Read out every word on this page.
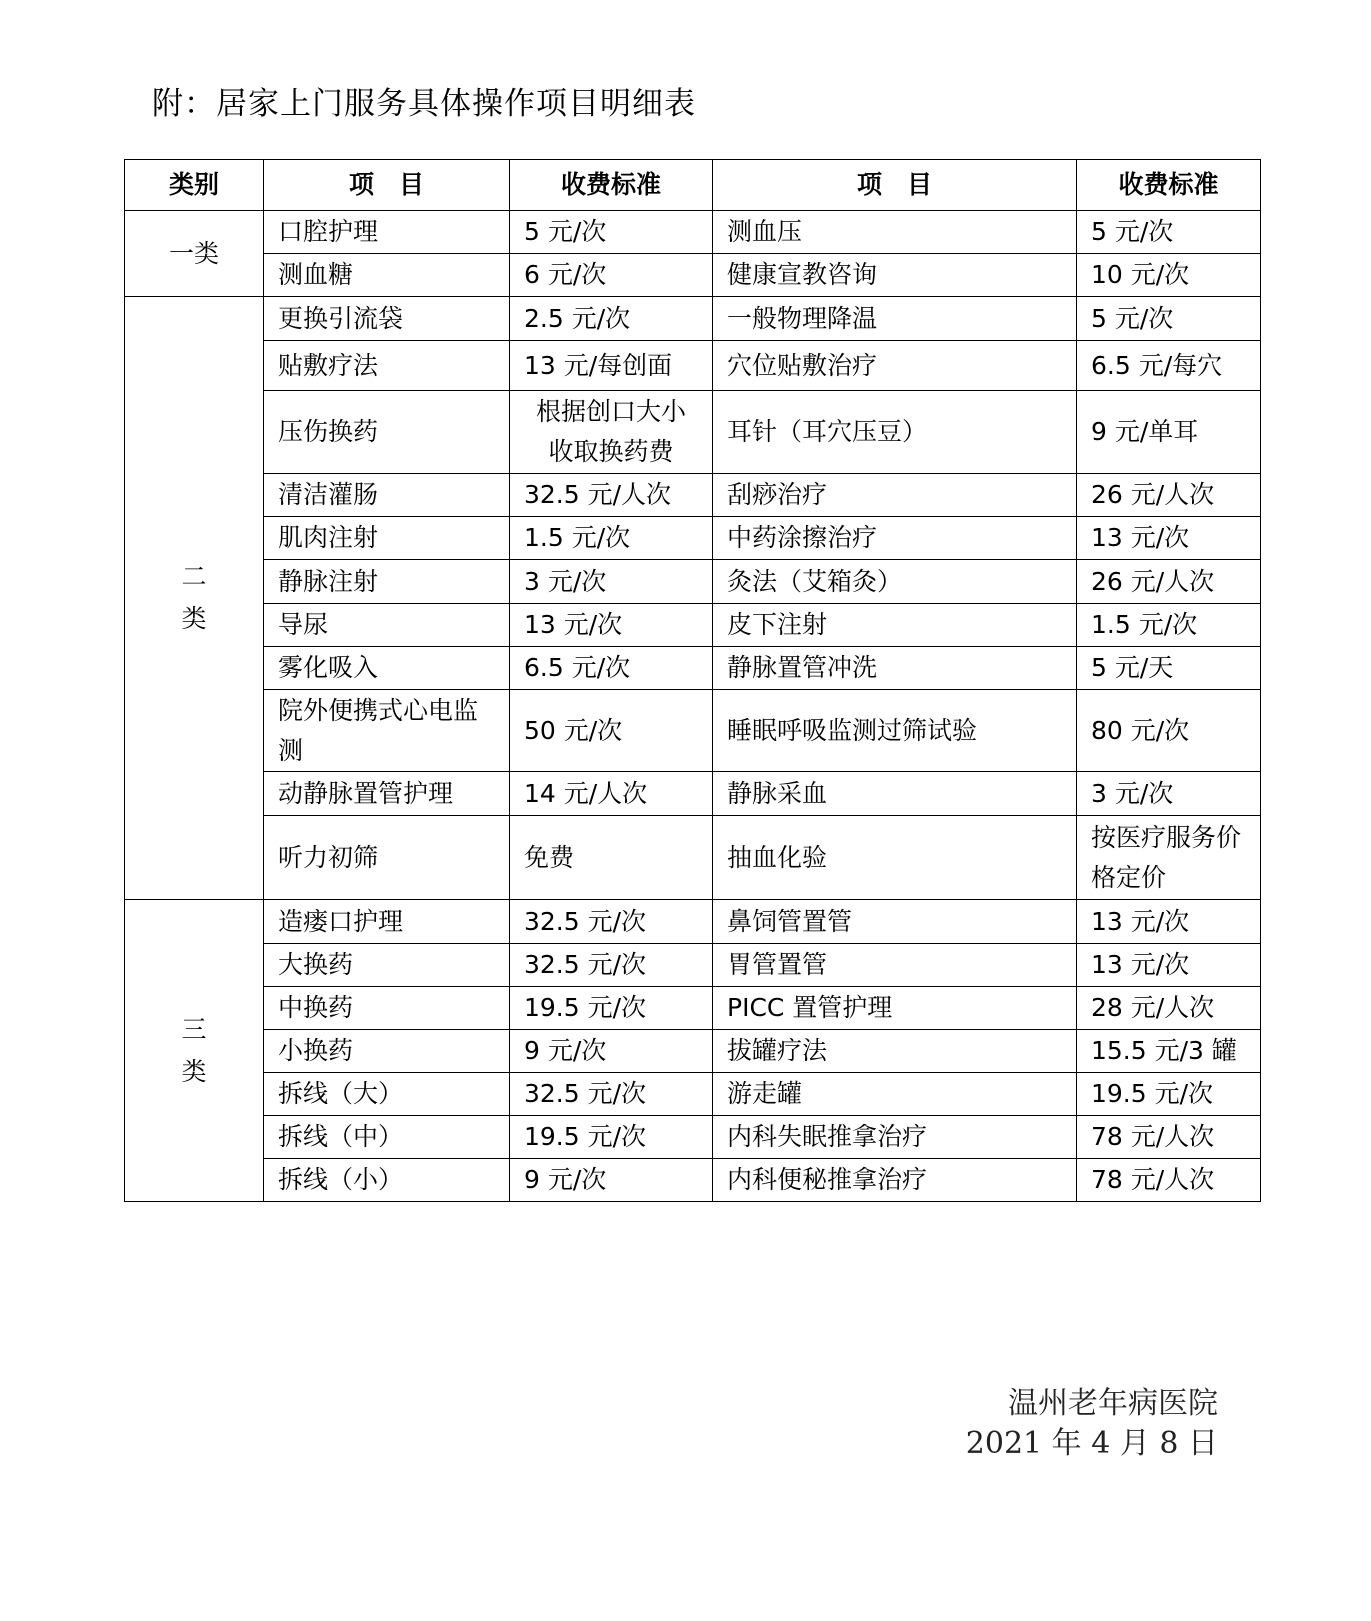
附：居家上门服务具体操作项目明细表
类别	项　目	收费标准	项　目	收费标准
一类	口腔护理	5 元/次	测血压	5 元/次
	测血糖	6 元/次	健康宣教咨询	10 元/次
二类	更换引流袋	2.5 元/次	一般物理降温	5 元/次
	贴敷疗法	13 元/每创面	穴位贴敷治疗	6.5 元/每穴
	压伤换药	根据创口大小收取换药费	耳针（耳穴压豆）	9 元/单耳
	清洁灌肠	32.5 元/人次	刮痧治疗	26 元/人次
	肌肉注射	1.5 元/次	中药涂擦治疗	13 元/次
	静脉注射	3 元/次	灸法（艾箱灸）	26 元/人次
	导尿	13 元/次	皮下注射	1.5 元/次
	雾化吸入	6.5 元/次	静脉置管冲洗	5 元/天
	院外便携式心电监测	50 元/次	睡眠呼吸监测过筛试验	80 元/次
	动静脉置管护理	14 元/人次	静脉采血	3 元/次
	听力初筛	免费	抽血化验	按医疗服务价格定价
三类	造瘘口护理	32.5 元/次	鼻饲管置管	13 元/次
	大换药	32.5 元/次	胃管置管	13 元/次
	中换药	19.5 元/次	PICC 置管护理	28 元/人次
	小换药	9 元/次	拔罐疗法	15.5 元/3 罐
	拆线（大）	32.5 元/次	游走罐	19.5 元/次
	拆线（中）	19.5 元/次	内科失眠推拿治疗	78 元/人次
	拆线（小）	9 元/次	内科便秘推拿治疗	78 元/人次
温州老年病医院
2021 年 4 月 8 日
